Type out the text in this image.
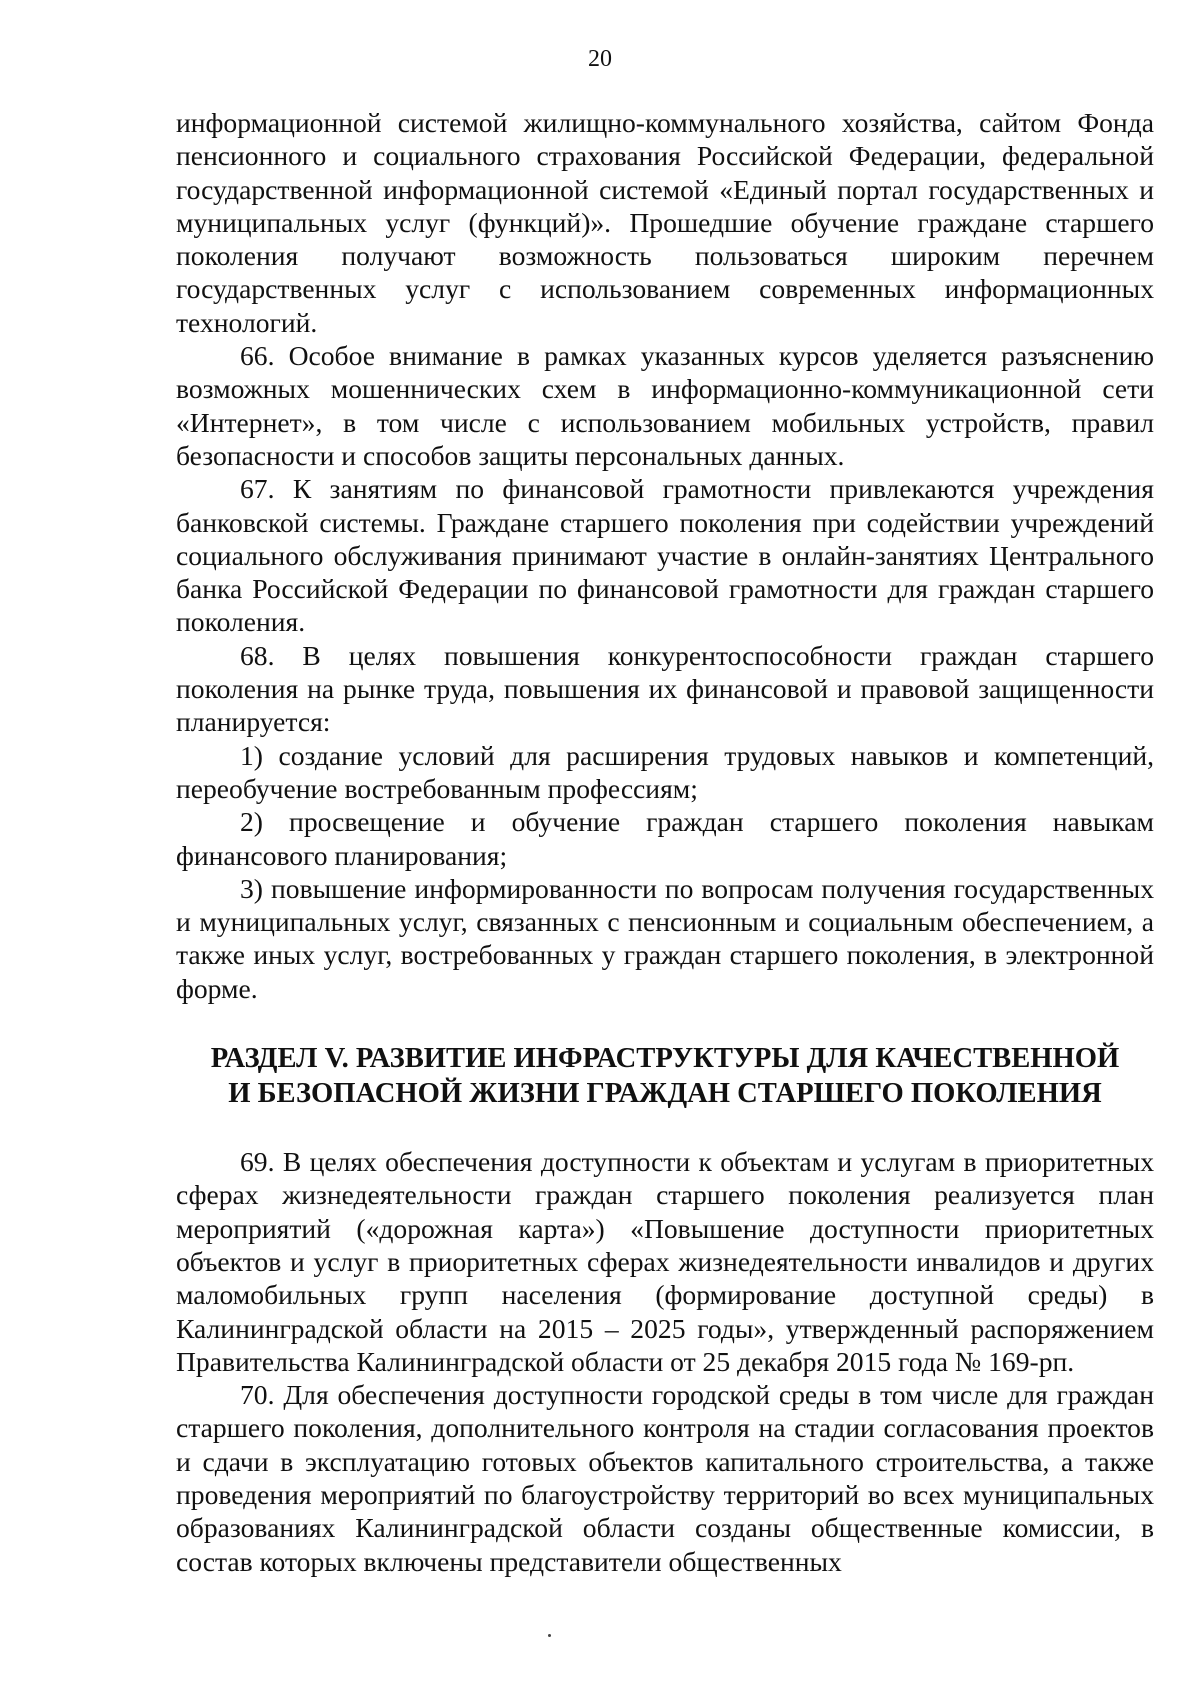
20

информационной системой жилищно-коммунального хозяйства, сайтом Фонда пенсионного и социального страхования Российской Федерации, федеральной государственной информационной системой «Единый портал государственных и муниципальных услуг (функций)». Прошедшие обучение граждане старшего поколения получают возможность пользоваться широким перечнем государственных услуг с использованием современных информационных технологий.

66. Особое внимание в рамках указанных курсов уделяется разъяснению возможных мошеннических схем в информационно-коммуникационной сети «Интернет», в том числе с использованием мобильных устройств, правил безопасности и способов защиты персональных данных.

67. К занятиям по финансовой грамотности привлекаются учреждения банковской системы. Граждане старшего поколения при содействии учреждений социального обслуживания принимают участие в онлайн-занятиях Центрального банка Российской Федерации по финансовой грамотности для граждан старшего поколения.

68. В целях повышения конкурентоспособности граждан старшего поколения на рынке труда, повышения их финансовой и правовой защищенности планируется:

1) создание условий для расширения трудовых навыков и компетенций, переобучение востребованным профессиям;

2) просвещение и обучение граждан старшего поколения навыкам финансового планирования;

3) повышение информированности по вопросам получения государственных и муниципальных услуг, связанных с пенсионным и социальным обеспечением, а также иных услуг, востребованных у граждан старшего поколения, в электронной форме.

РАЗДЕЛ V. РАЗВИТИЕ ИНФРАСТРУКТУРЫ ДЛЯ КАЧЕСТВЕННОЙ
И БЕЗОПАСНОЙ ЖИЗНИ ГРАЖДАН СТАРШЕГО ПОКОЛЕНИЯ

69. В целях обеспечения доступности к объектам и услугам в приоритетных сферах жизнедеятельности граждан старшего поколения реализуется план мероприятий («дорожная карта») «Повышение доступности приоритетных объектов и услуг в приоритетных сферах жизнедеятельности инвалидов и других маломобильных групп населения (формирование доступной среды) в Калининградской области на 2015 – 2025 годы», утвержденный распоряжением Правительства Калининградской области от 25 декабря 2015 года № 169-рп.

70. Для обеспечения доступности городской среды в том числе для граждан старшего поколения, дополнительного контроля на стадии согласования проектов и сдачи в эксплуатацию готовых объектов капитального строительства, а также проведения мероприятий по благоустройству территорий во всех муниципальных образованиях Калининградской области созданы общественные комиссии, в состав которых включены представители общественных
